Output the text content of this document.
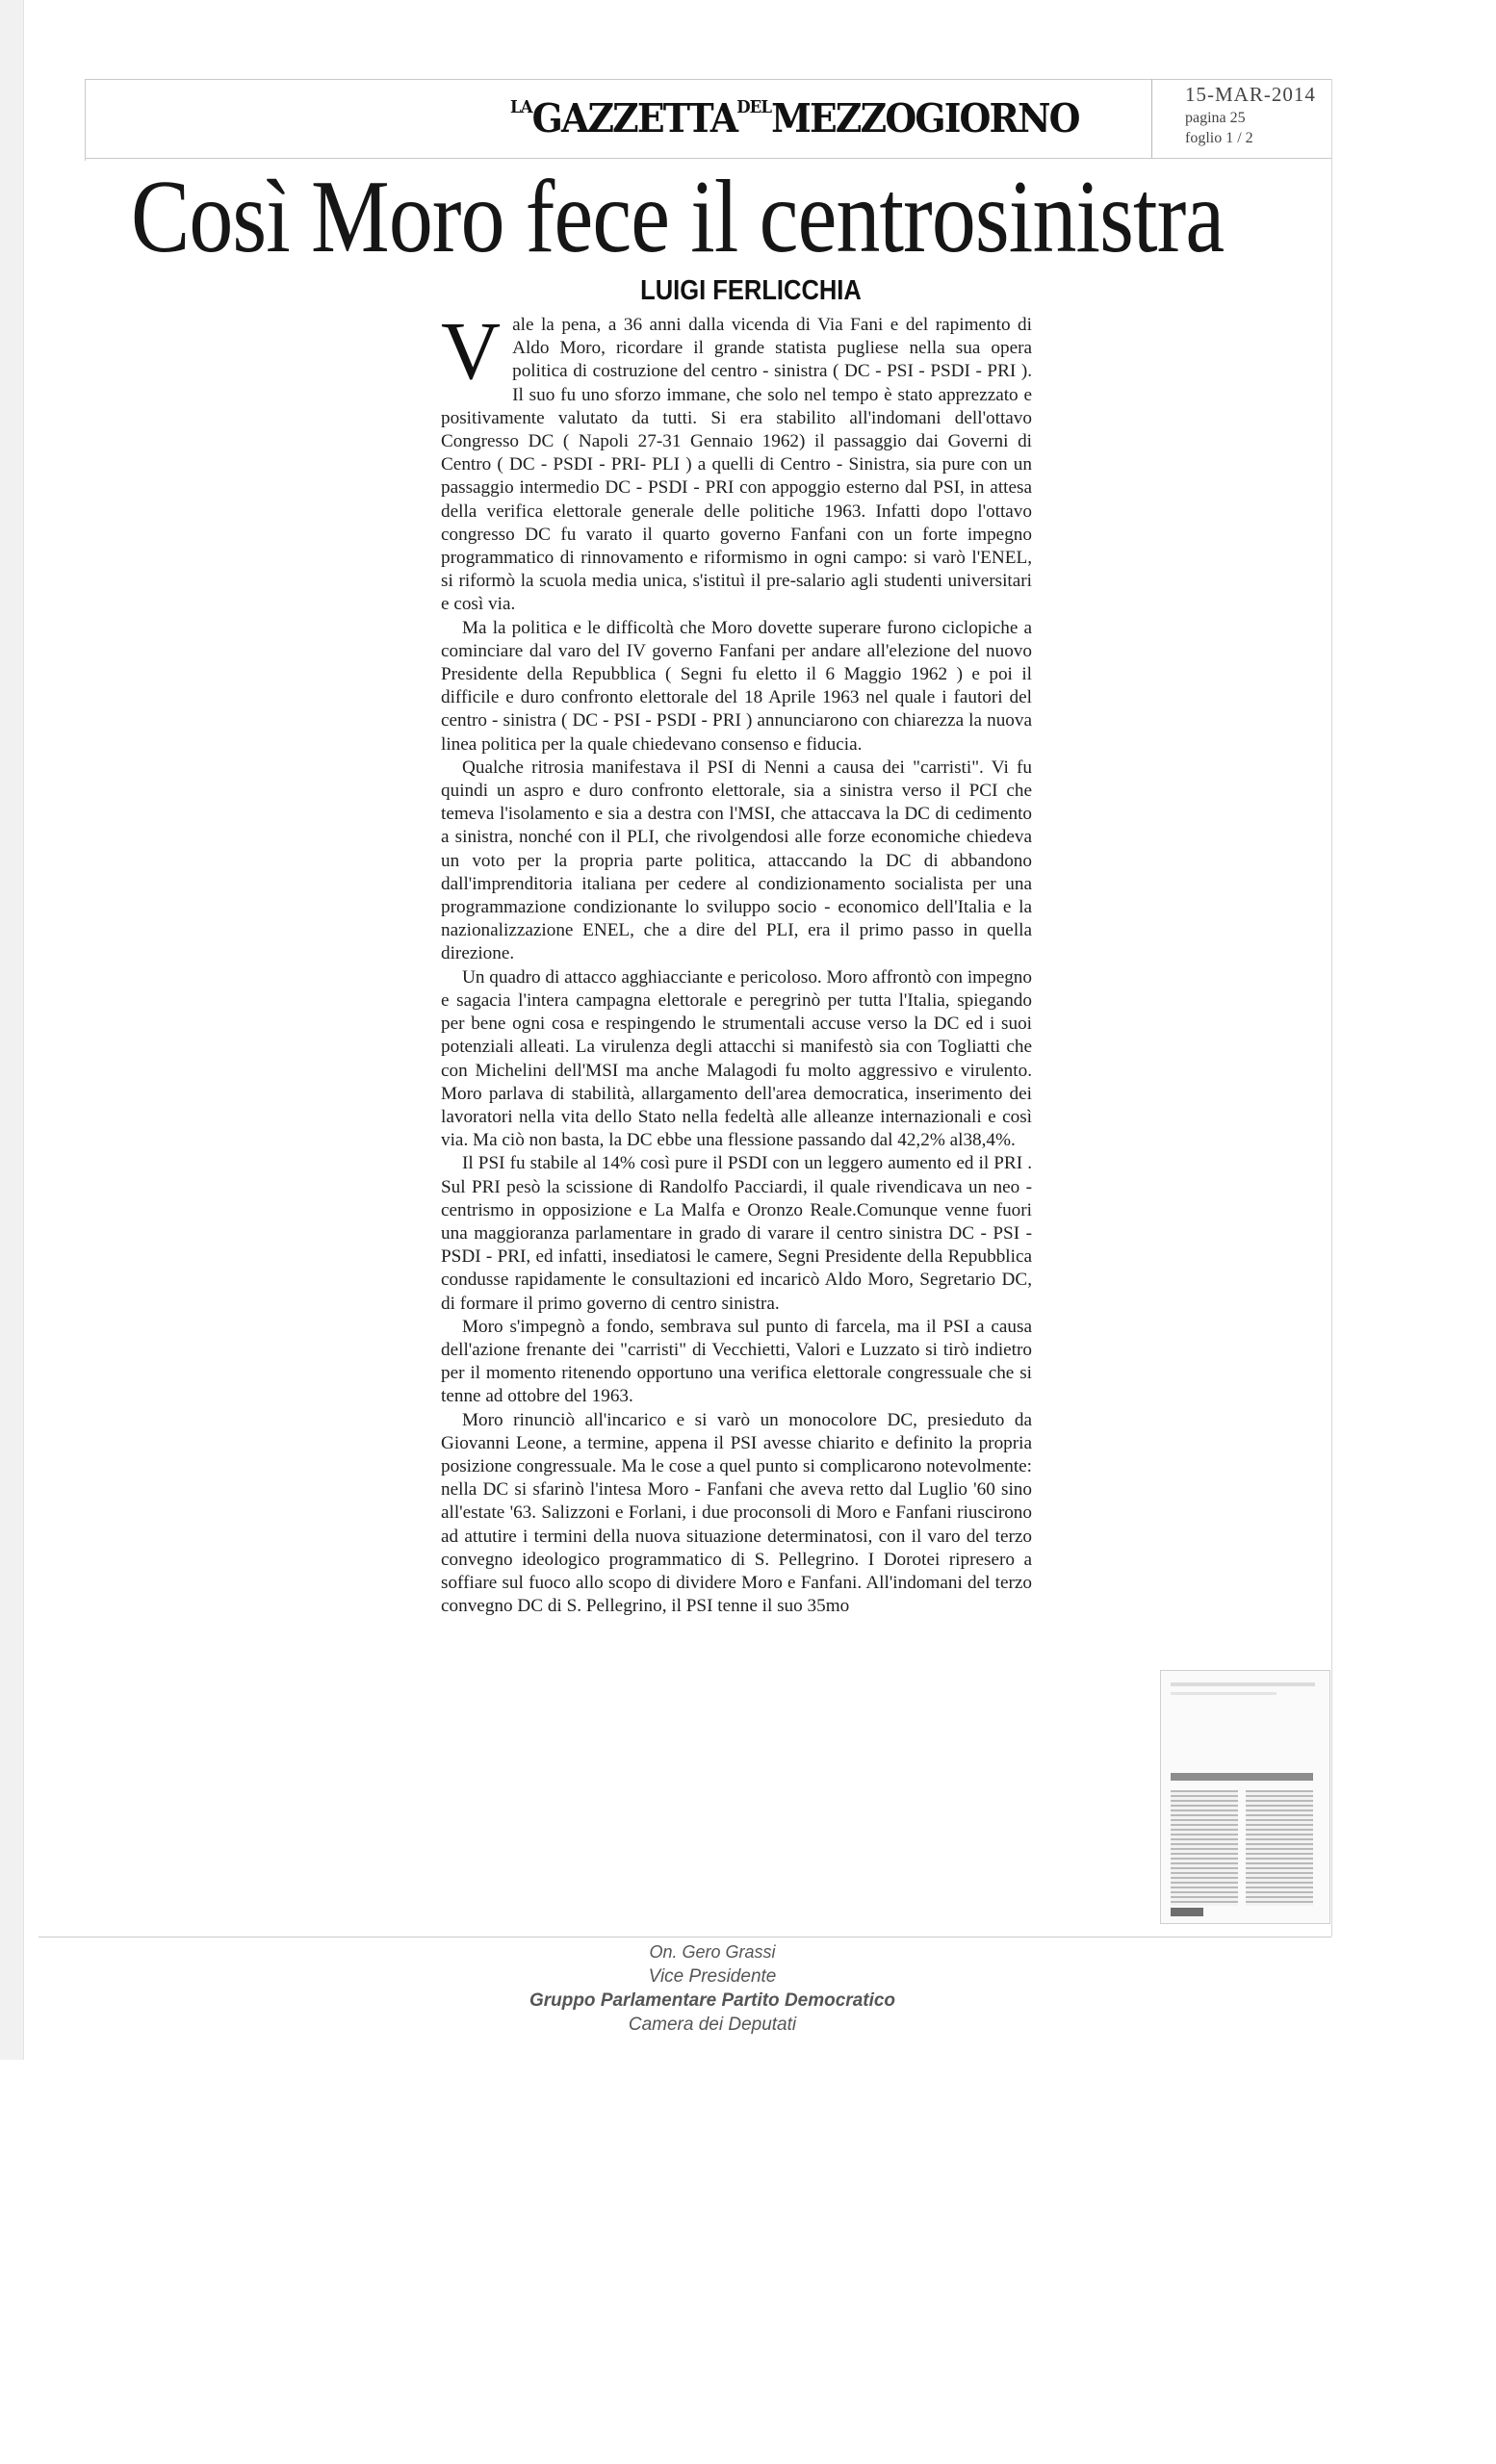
$^{LA}GAZZETTA^{DEL}MEZZOGIORNO$
15-MAR-2014
pagina 25
foglio 1 / 2
Così Moro fece il centrosinistra
LUIGI FERLICCHIA

Vale la pena, a 36 anni dalla vicenda di Via Fani e del rapimento di Aldo Moro, ricordare il grande statista pugliese nella sua opera politica di costruzione del centro - sinistra ( DC - PSI - PSDI - PRI ). Il suo fu uno sforzo immane, che solo nel tempo è stato apprezzato e positivamente valutato da tutti. Si era stabilito all'indomani dell'ottavo Congresso DC ( Napoli 27-31 Gennaio 1962) il passaggio dai Governi di Centro ( DC - PSDI - PRI- PLI ) a quelli di Centro - Sinistra, sia pure con un passaggio intermedio DC - PSDI - PRI con appoggio esterno dal PSI, in attesa della verifica elettorale generale delle politiche 1963. Infatti dopo l'ottavo congresso DC fu varato il quarto governo Fanfani con un forte impegno programmatico di rinnovamento e riformismo in ogni campo: si varò l'ENEL, si riformò la scuola media unica, s'istituì il pre-salario agli studenti universitari e così via.

Ma la politica e le difficoltà che Moro dovette superare furono ciclopiche a cominciare dal varo del IV governo Fanfani per andare all'elezione del nuovo Presidente della Repubblica ( Segni fu eletto il 6 Maggio 1962 ) e poi il difficile e duro confronto elettorale del 18 Aprile 1963 nel quale i fautori del centro - sinistra ( DC - PSI - PSDI - PRI ) annunciarono con chiarezza la nuova linea politica per la quale chiedevano consenso e fiducia.

Qualche ritrosia manifestava il PSI di Nenni a causa dei "carristi". Vi fu quindi un aspro e duro confronto elettorale, sia a sinistra verso il PCI che temeva l'isolamento e sia a destra con l'MSI, che attaccava la DC di cedimento a sinistra, nonché con il PLI, che rivolgendosi alle forze economiche chiedeva un voto per la propria parte politica, attaccando la DC di abbandono dall'imprenditoria italiana per cedere al condizionamento socialista per una programmazione condizionante lo sviluppo socio - economico dell'Italia e la nazionalizzazione ENEL, che a dire del PLI, era il primo passo in quella direzione.

Un quadro di attacco agghiacciante e pericoloso. Moro affrontò con impegno e sagacia l'intera campagna elettorale e peregrinò per tutta l'Italia, spiegando per bene ogni cosa e respingendo le strumentali accuse verso la DC ed i suoi potenziali alleati. La virulenza degli attacchi si manifestò sia con Togliatti che con Michelini dell'MSI ma anche Malagodi fu molto aggressivo e virulento. Moro parlava di stabilità, allargamento dell'area democratica, inserimento dei lavoratori nella vita dello Stato nella fedeltà alle alleanze internazionali e così via. Ma ciò non basta, la DC ebbe una flessione passando dal 42,2% al38,4%.

Il PSI fu stabile al 14% così pure il PSDI con un leggero aumento ed il PRI . Sul PRI pesò la scissione di Randolfo Pacciardi, il quale rivendicava un neo - centrismo in opposizione e La Malfa e Oronzo Reale.Comunque venne fuori una maggioranza parlamentare in grado di varare il centro sinistra DC - PSI - PSDI - PRI, ed infatti, insediatosi le camere, Segni Presidente della Repubblica condusse rapidamente le consultazioni ed incaricò Aldo Moro, Segretario DC, di formare il primo governo di centro sinistra.

Moro s'impegnò a fondo, sembrava sul punto di farcela, ma il PSI a causa dell'azione frenante dei "carristi" di Vecchietti, Valori e Luzzato si tirò indietro per il momento ritenendo opportuno una verifica elettorale congressuale che si tenne ad ottobre del 1963.

Moro rinunciò all'incarico e si varò un monocolore DC, presieduto da Giovanni Leone, a termine, appena il PSI avesse chiarito e definito la propria posizione congressuale. Ma le cose a quel punto si complicarono notevolmente: nella DC si sfarinò l'intesa Moro - Fanfani che aveva retto dal Luglio '60 sino all'estate '63. Salizzoni e Forlani, i due proconsoli di Moro e Fanfani riuscirono ad attutire i termini della nuova situazione determinatosi, con il varo del terzo convegno ideologico programmatico di S. Pellegrino. I Dorotei ripresero a soffiare sul fuoco allo scopo di dividere Moro e Fanfani. All'indomani del terzo convegno DC di S. Pellegrino, il PSI tenne il suo 35mo

On. Gero Grassi
Vice Presidente
Gruppo Parlamentare Partito Democratico
Camera dei Deputati
